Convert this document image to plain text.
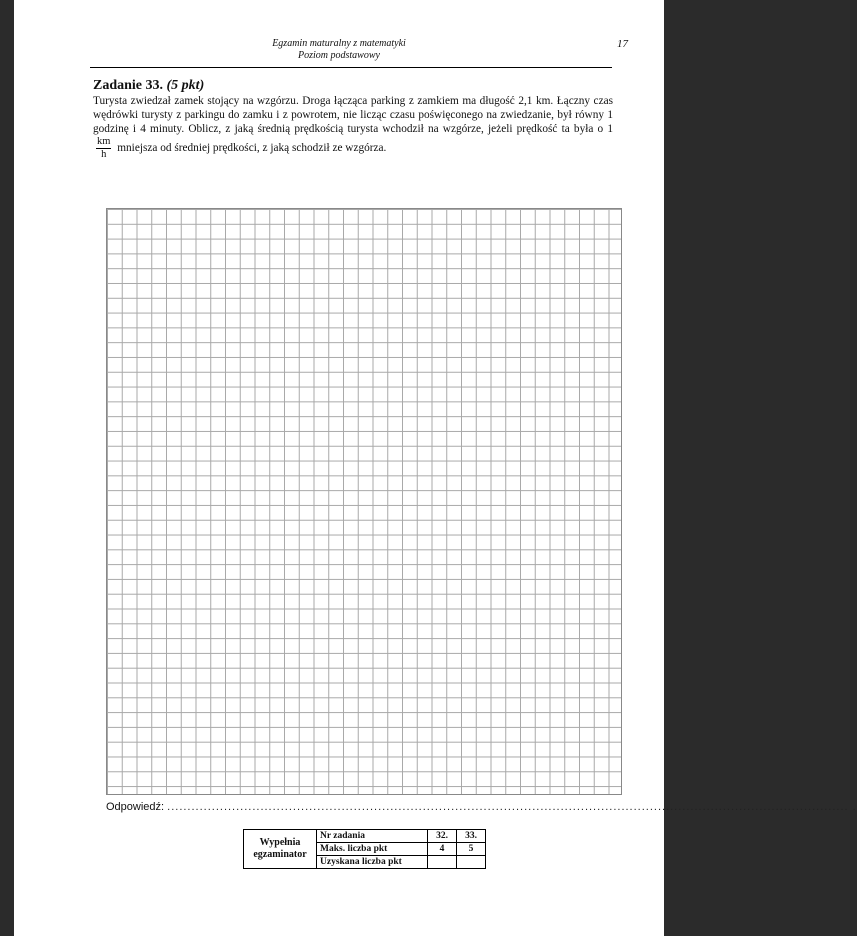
Egzamin maturalny z matematyki
Poziom podstawowy
17
Zadanie 33. (5 pkt)

Turysta zwiedzał zamek stojący na wzgórzu. Droga łącząca parking z zamkiem ma długość 2,1 km. Łączny czas wędrówki turysty z parkingu do zamku i z powrotem, nie licząc czasu poświęconego na zwiedzanie, był równy 1 godzinę i 4 minuty. Oblicz, z jaką średnią prędkością turysta wchodził na wzgórze, jeżeli prędkość ta była o 1
$\frac{km}{h}$ mniejsza od średniej prędkości, z jaką schodził ze wzgórza.

Odpowiedź: ........................................................................................................................................................................ .
Wypełnia egzaminator	Nr zadania	32.	33.
	Maks. liczba pkt	4	5
	Uzyskana liczba pkt		
